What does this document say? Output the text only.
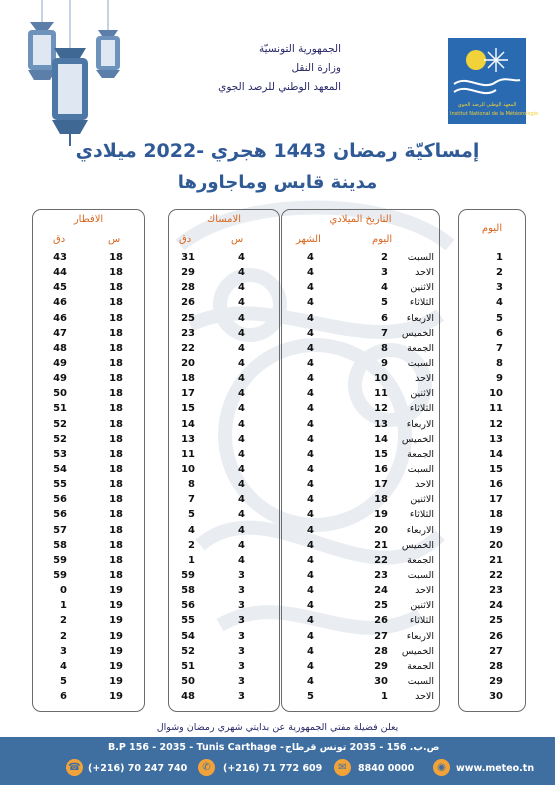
الجمهورية التونسيّة
وزارة النقل
المعهد الوطني للرصد الجوي
المعهد الوطني للرصد الجوي
Institut National de la Météorologie
إمساكيّة رمضان 1443 هجري -2022 ميلادي
مدينة قابس وماجاورها
الافطار
دق	س
43	18
44	18
45	18
46	18
46	18
47	18
48	18
49	18
49	18
50	18
51	18
52	18
52	18
53	18
54	18
55	18
56	18
56	18
57	18
58	18
59	18
59	18
0	19
1	19
2	19
2	19
3	19
4	19
5	19
6	19
الامساك
دق	س
31	4
29	4
28	4
26	4
25	4
23	4
22	4
20	4
18	4
17	4
15	4
14	4
13	4
11	4
10	4
8	4
7	4
5	4
4	4
2	4
1	4
59	3
58	3
56	3
55	3
54	3
52	3
51	3
50	3
48	3
التاريخ الميلادي
الشهر	اليوم
4	2	السبت
4	3	الاحد
4	4	الاثنين
4	5	الثلاثاء
4	6	الاربعاء
4	7	الخميس
4	8	الجمعة
4	9	السبت
4	10	الاحد
4	11	الاثنين
4	12	الثلاثاء
4	13	الاربعاء
4	14	الخميس
4	15	الجمعة
4	16	السبت
4	17	الاحد
4	18	الاثنين
4	19	الثلاثاء
4	20	الاربعاء
4	21	الخميس
4	22	الجمعة
4	23	السبت
4	24	الاحد
4	25	الاثنين
4	26	الثلاثاء
4	27	الاربعاء
4	28	الخميس
4	29	الجمعة
4	30	السبت
5	1	الاحد
اليوم
1
2
3
4
5
6
7
8
9
10
11
12
13
14
15
16
17
18
19
20
21
22
23
24
25
26
27
28
29
30
يعلن فضيلة مفتي الجمهورية عن بدايتي شهري رمضان وشوال
B.P 156 - 2035 - Tunis Carthage - ص.ب. 156 - 2035 تونس قرطاج
☎ (+216) 70 247 740	✆	(+216) 71 772 609	✉	8840 0000	◉	www.meteo.tn
